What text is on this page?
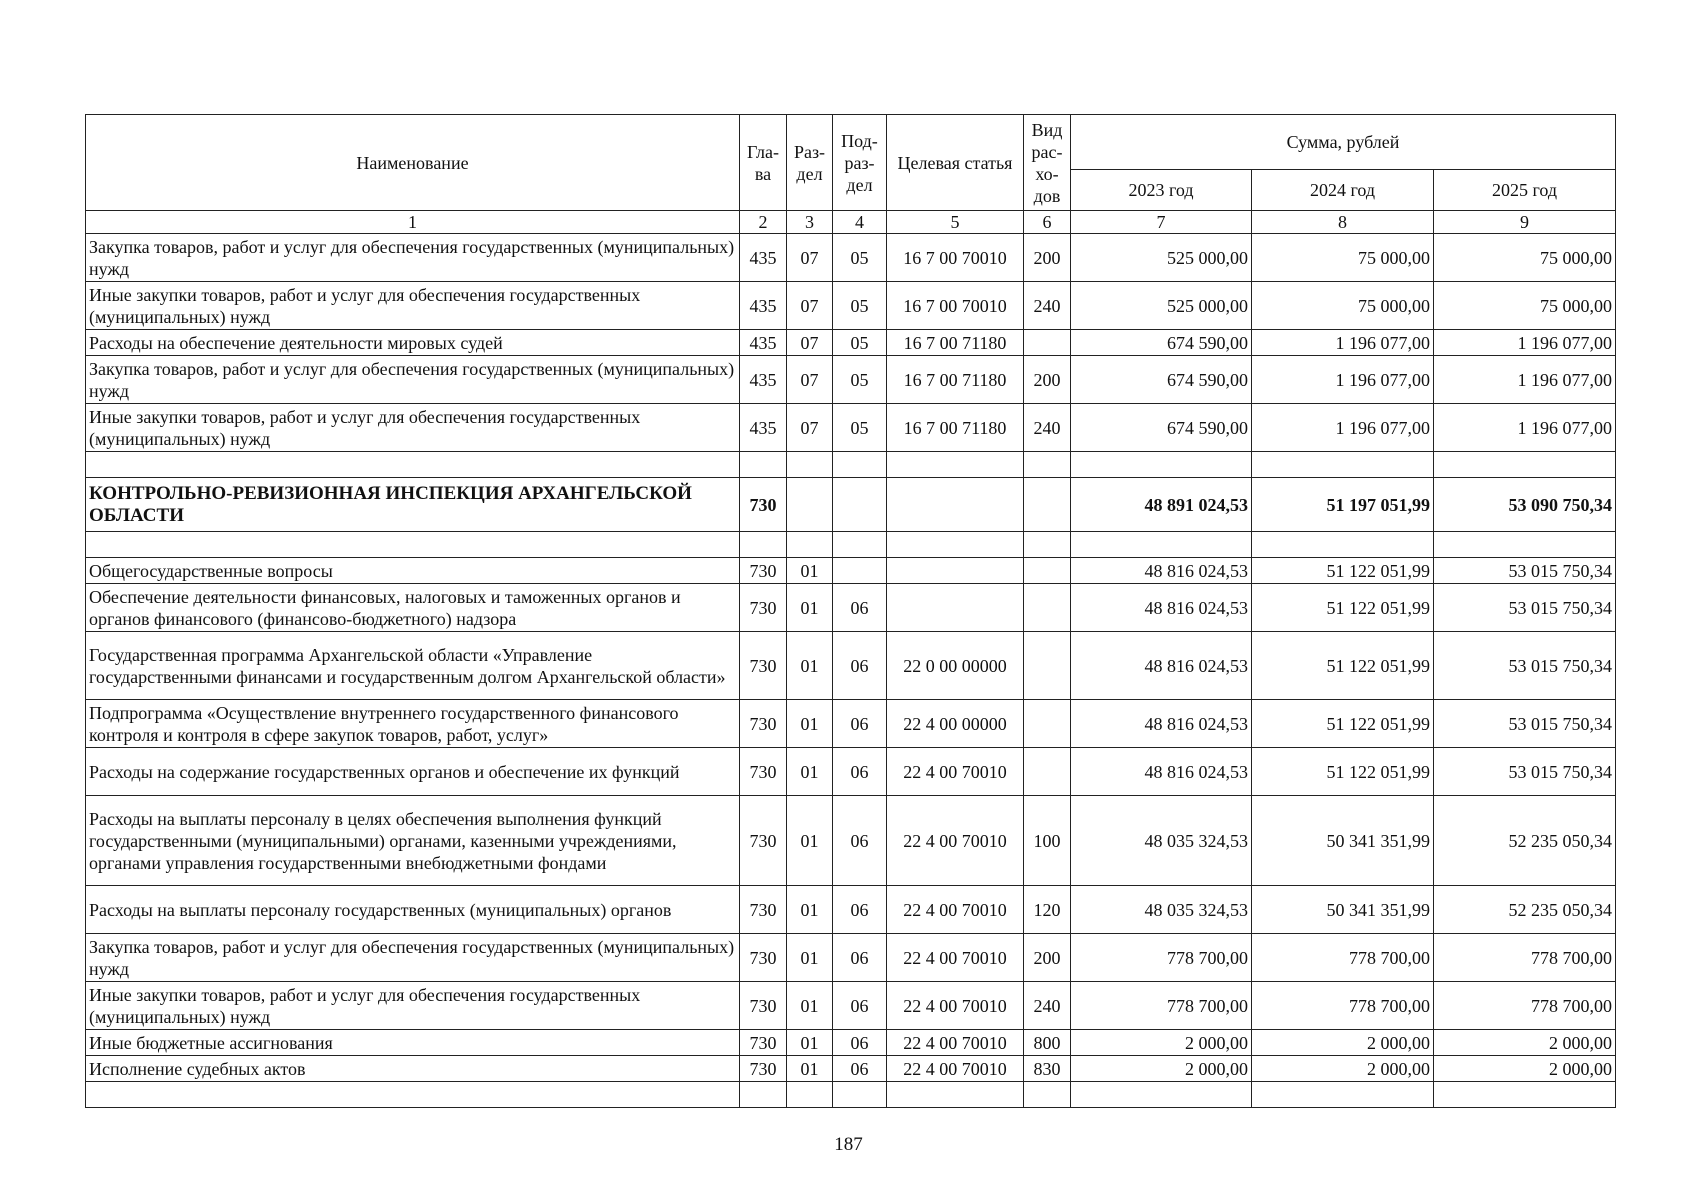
Наименование	Гла-ва	Раз-дел	Под-раз-дел	Целевая статья	Вид рас-хо-дов	Сумма, рублей		
						2023 год	2024 год	2025 год
1	2	3	4	5	6	7	8	9
Закупка товаров, работ и услуг для обеспечения государственных (муниципальных) нужд	435	07	05	16 7 00 70010	200	525 000,00	75 000,00	75 000,00
Иные закупки товаров, работ и услуг для обеспечения государственных (муниципальных) нужд	435	07	05	16 7 00 70010	240	525 000,00	75 000,00	75 000,00
Расходы на обеспечение деятельности мировых судей	435	07	05	16 7 00 71180		674 590,00	1 196 077,00	1 196 077,00
Закупка товаров, работ и услуг для обеспечения государственных (муниципальных) нужд	435	07	05	16 7 00 71180	200	674 590,00	1 196 077,00	1 196 077,00
Иные закупки товаров, работ и услуг для обеспечения государственных (муниципальных) нужд	435	07	05	16 7 00 71180	240	674 590,00	1 196 077,00	1 196 077,00

КОНТРОЛЬНО-РЕВИЗИОННАЯ ИНСПЕКЦИЯ АРХАНГЕЛЬСКОЙ ОБЛАСТИ	730					48 891 024,53	51 197 051,99	53 090 750,34

Общегосударственные вопросы	730	01				48 816 024,53	51 122 051,99	53 015 750,34
Обеспечение деятельности финансовых, налоговых и таможенных органов и органов финансового (финансово-бюджетного) надзора	730	01	06			48 816 024,53	51 122 051,99	53 015 750,34
Государственная программа Архангельской области «Управление государственными финансами и государственным долгом Архангельской области»	730	01	06	22 0 00 00000		48 816 024,53	51 122 051,99	53 015 750,34
Подпрограмма «Осуществление внутреннего государственного финансового контроля и контроля в сфере закупок товаров, работ, услуг»	730	01	06	22 4 00 00000		48 816 024,53	51 122 051,99	53 015 750,34
Расходы на содержание государственных органов и обеспечение их функций	730	01	06	22 4 00 70010		48 816 024,53	51 122 051,99	53 015 750,34
Расходы на выплаты персоналу в целях обеспечения выполнения функций государственными (муниципальными) органами, казенными учреждениями, органами управления государственными внебюджетными фондами	730	01	06	22 4 00 70010	100	48 035 324,53	50 341 351,99	52 235 050,34
Расходы на выплаты персоналу государственных (муниципальных) органов	730	01	06	22 4 00 70010	120	48 035 324,53	50 341 351,99	52 235 050,34
Закупка товаров, работ и услуг для обеспечения государственных (муниципальных) нужд	730	01	06	22 4 00 70010	200	778 700,00	778 700,00	778 700,00
Иные закупки товаров, работ и услуг для обеспечения государственных (муниципальных) нужд	730	01	06	22 4 00 70010	240	778 700,00	778 700,00	778 700,00
Иные бюджетные ассигнования	730	01	06	22 4 00 70010	800	2 000,00	2 000,00	2 000,00
Исполнение судебных актов	730	01	06	22 4 00 70010	830	2 000,00	2 000,00	2 000,00

187
